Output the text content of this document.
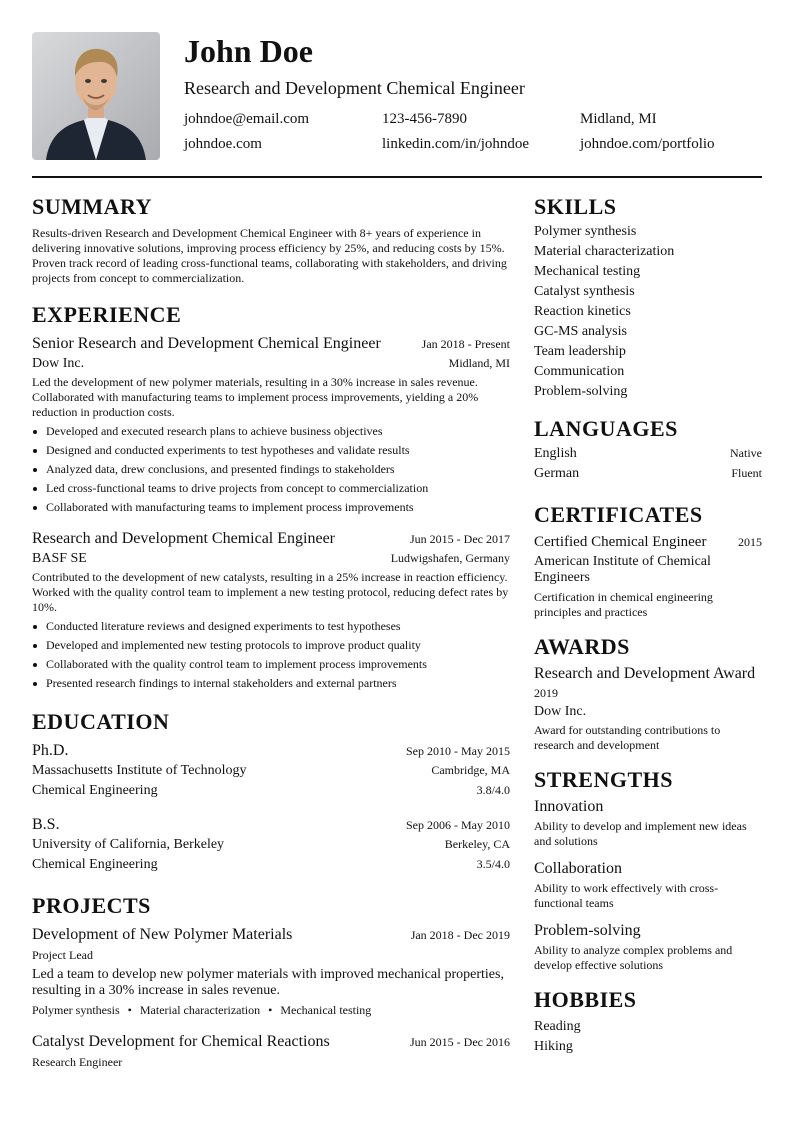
John Doe
Research and Development Chemical Engineer
johndoe@email.com	123-456-7890	Midland, MI
johndoe.com	linkedin.com/in/johndoe	johndoe.com/portfolio
SUMMARY
Results-driven Research and Development Chemical Engineer with 8+ years of experience in delivering innovative solutions, improving process efficiency by 25%, and reducing costs by 15%. Proven track record of leading cross-functional teams, collaborating with stakeholders, and driving projects from concept to commercialization.
EXPERIENCE
Senior Research and Development Chemical Engineer	Jan 2018 - Present
Dow Inc.	Midland, MI
Led the development of new polymer materials, resulting in a 30% increase in sales revenue. Collaborated with manufacturing teams to implement process improvements, yielding a 20% reduction in production costs.
Developed and executed research plans to achieve business objectives
Designed and conducted experiments to test hypotheses and validate results
Analyzed data, drew conclusions, and presented findings to stakeholders
Led cross-functional teams to drive projects from concept to commercialization
Collaborated with manufacturing teams to implement process improvements
Research and Development Chemical Engineer	Jun 2015 - Dec 2017
BASF SE	Ludwigshafen, Germany
Contributed to the development of new catalysts, resulting in a 25% increase in reaction efficiency. Worked with the quality control team to implement a new testing protocol, reducing defect rates by 10%.
Conducted literature reviews and designed experiments to test hypotheses
Developed and implemented new testing protocols to improve product quality
Collaborated with the quality control team to implement process improvements
Presented research findings to internal stakeholders and external partners
EDUCATION
Ph.D.	Sep 2010 - May 2015
Massachusetts Institute of Technology	Cambridge, MA
Chemical Engineering	3.8/4.0
B.S.	Sep 2006 - May 2010
University of California, Berkeley	Berkeley, CA
Chemical Engineering	3.5/4.0
PROJECTS
Development of New Polymer Materials	Jan 2018 - Dec 2019
Project Lead
Led a team to develop new polymer materials with improved mechanical properties, resulting in a 30% increase in sales revenue.
Polymer synthesis • Material characterization • Mechanical testing
Catalyst Development for Chemical Reactions	Jun 2015 - Dec 2016
Research Engineer
SKILLS
Polymer synthesis
Material characterization
Mechanical testing
Catalyst synthesis
Reaction kinetics
GC-MS analysis
Team leadership
Communication
Problem-solving
LANGUAGES
English	Native
German	Fluent
CERTIFICATES
Certified Chemical Engineer	2015
American Institute of Chemical Engineers
Certification in chemical engineering principles and practices
AWARDS
Research and Development Award
2019
Dow Inc.
Award for outstanding contributions to research and development
STRENGTHS
Innovation
Ability to develop and implement new ideas and solutions
Collaboration
Ability to work effectively with cross-functional teams
Problem-solving
Ability to analyze complex problems and develop effective solutions
HOBBIES
Reading
Hiking
